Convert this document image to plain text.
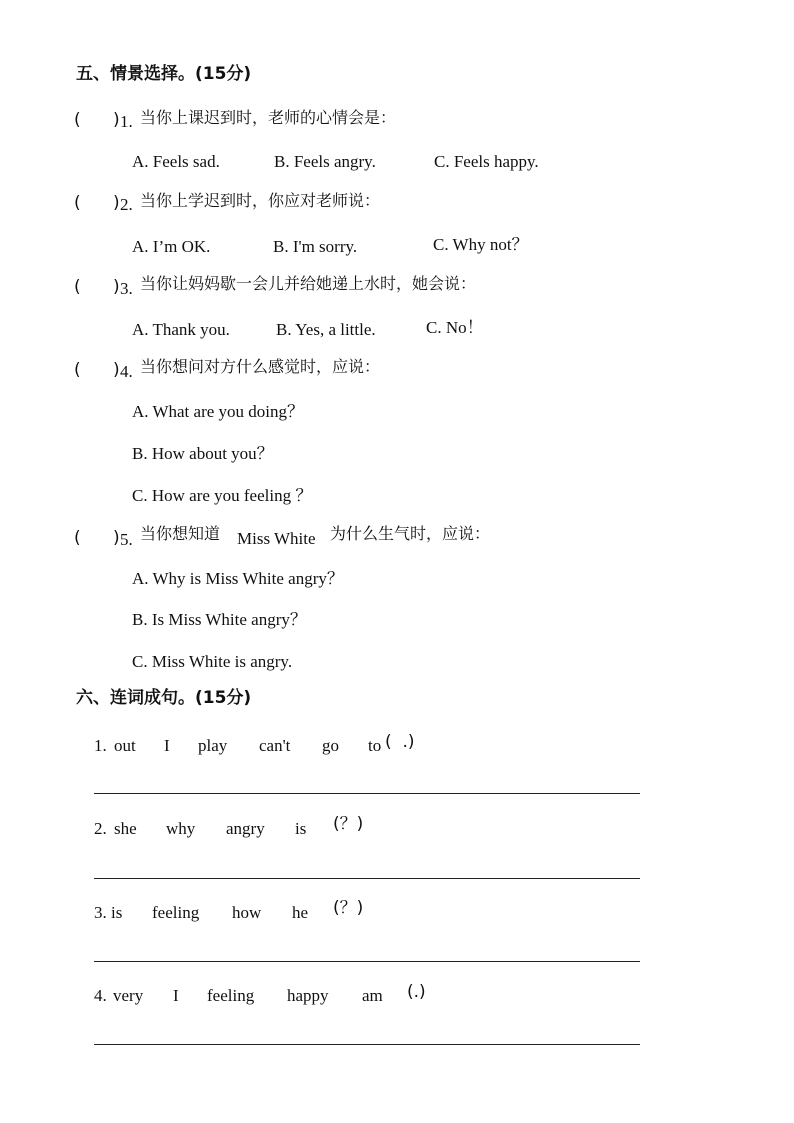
五、情景选择。(15分)
(      ) 1. 当你上课迟到时，老师的心情会是：
A. Feels sad.	B. Feels angry.	C. Feels happy.
(      ) 2. 当你上学迟到时，你应对老师说：
A. I’m OK.	B. I'm sorry.	C. Why not？
(      ) 3. 当你让妈妈歇一会儿并给她递上水时，她会说：
A. Thank you.	B. Yes, a little.	C. No！
(      ) 4. 当你想问对方什么感觉时，应说：
A. What are you doing？
B. How about you？
C. How are you feeling ？
(      ) 5. 当你想知道 Miss White 为什么生气时，应说：
A. Why is Miss White angry？
B. Is Miss White angry？
C. Miss White is angry.
六、连词成句。(15分)
1. out I play can't go to (  .)
2. she why angry is (？)
3. is feeling how he (？)
4. very I feeling happy am (.)
